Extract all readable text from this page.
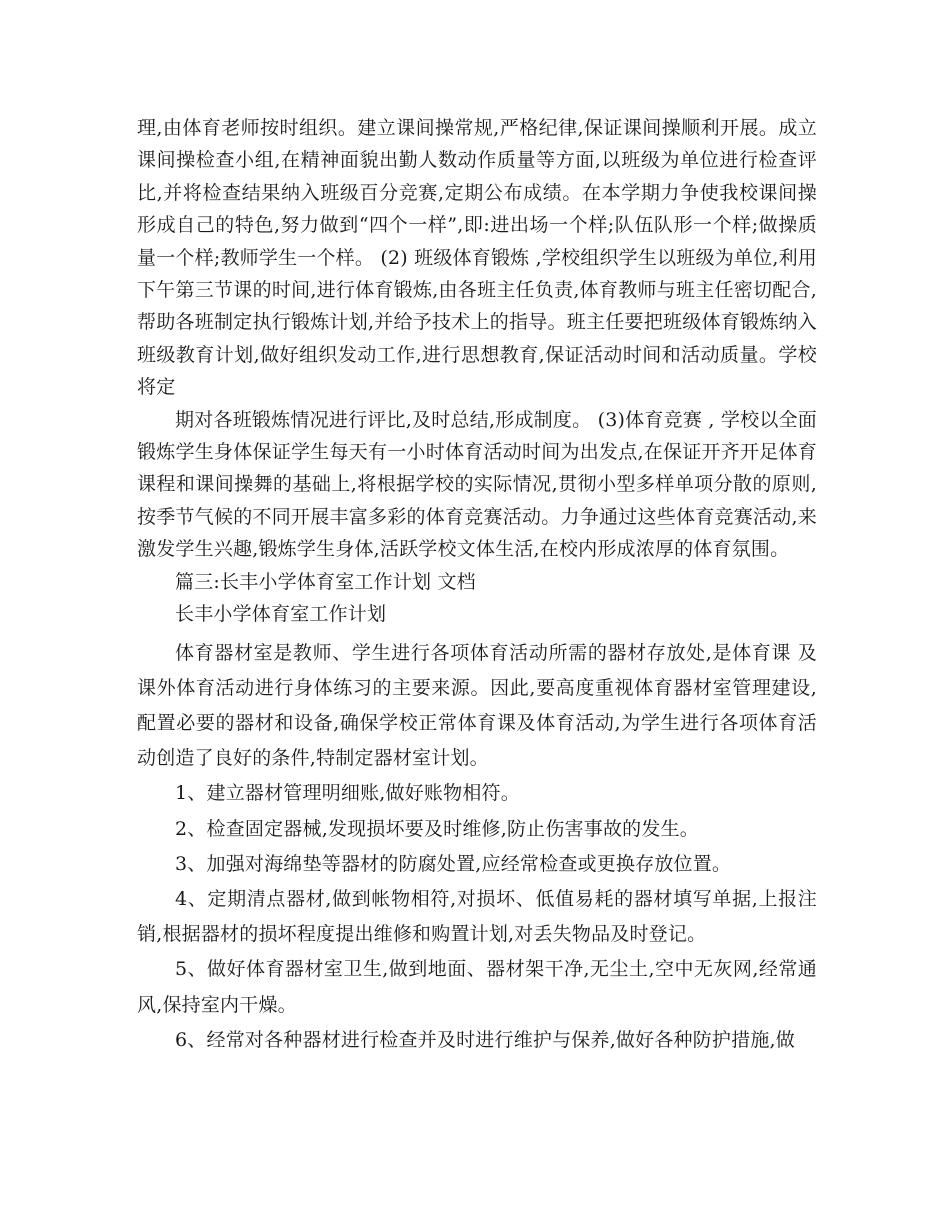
理,由体育老师按时组织。建立课间操常规,严格纪律,保证课间操顺利开展。成立课间操检查小组,在精神面貌出勤人数动作质量等方面,以班级为单位进行检查评比,并将检查结果纳入班级百分竞赛,定期公布成绩。在本学期力争使我校课间操形成自己的特色,努力做到“四个一样”,即:进出场一个样;队伍队形一个样;做操质量一个样;教师学生一个样。 (2) 班级体育锻炼 ,学校组织学生以班级为单位,利用下午第三节课的时间,进行体育锻炼,由各班主任负责,体育教师与班主任密切配合,帮助各班制定执行锻炼计划,并给予技术上的指导。班主任要把班级体育锻炼纳入班级教育计划,做好组织发动工作,进行思想教育,保证活动时间和活动质量。学校将定

期对各班锻炼情况进行评比,及时总结,形成制度。 (3)体育竞赛 , 学校以全面锻炼学生身体保证学生每天有一小时体育活动时间为出发点,在保证开齐开足体育课程和课间操舞的基础上,将根据学校的实际情况,贯彻小型多样单项分散的原则,按季节气候的不同开展丰富多彩的体育竞赛活动。力争通过这些体育竞赛活动,来激发学生兴趣,锻炼学生身体,活跃学校文体生活,在校内形成浓厚的体育氛围。

篇三:长丰小学体育室工作计划 文档

长丰小学体育室工作计划

体育器材室是教师、学生进行各项体育活动所需的器材存放处,是体育课 及课外体育活动进行身体练习的主要来源。因此,要高度重视体育器材室管理建设,配置必要的器材和设备,确保学校正常体育课及体育活动,为学生进行各项体育活动创造了良好的条件,特制定器材室计划。

1、建立器材管理明细账,做好账物相符。

2、检查固定器械,发现损坏要及时维修,防止伤害事故的发生。

3、加强对海绵垫等器材的防腐处置,应经常检查或更换存放位置。

4、定期清点器材,做到帐物相符,对损坏、低值易耗的器材填写单据,上报注销,根据器材的损坏程度提出维修和购置计划,对丢失物品及时登记。

5、做好体育器材室卫生,做到地面、器材架干净,无尘土,空中无灰网,经常通风,保持室内干燥。

6、经常对各种器材进行检查并及时进行维护与保养,做好各种防护措施,做
